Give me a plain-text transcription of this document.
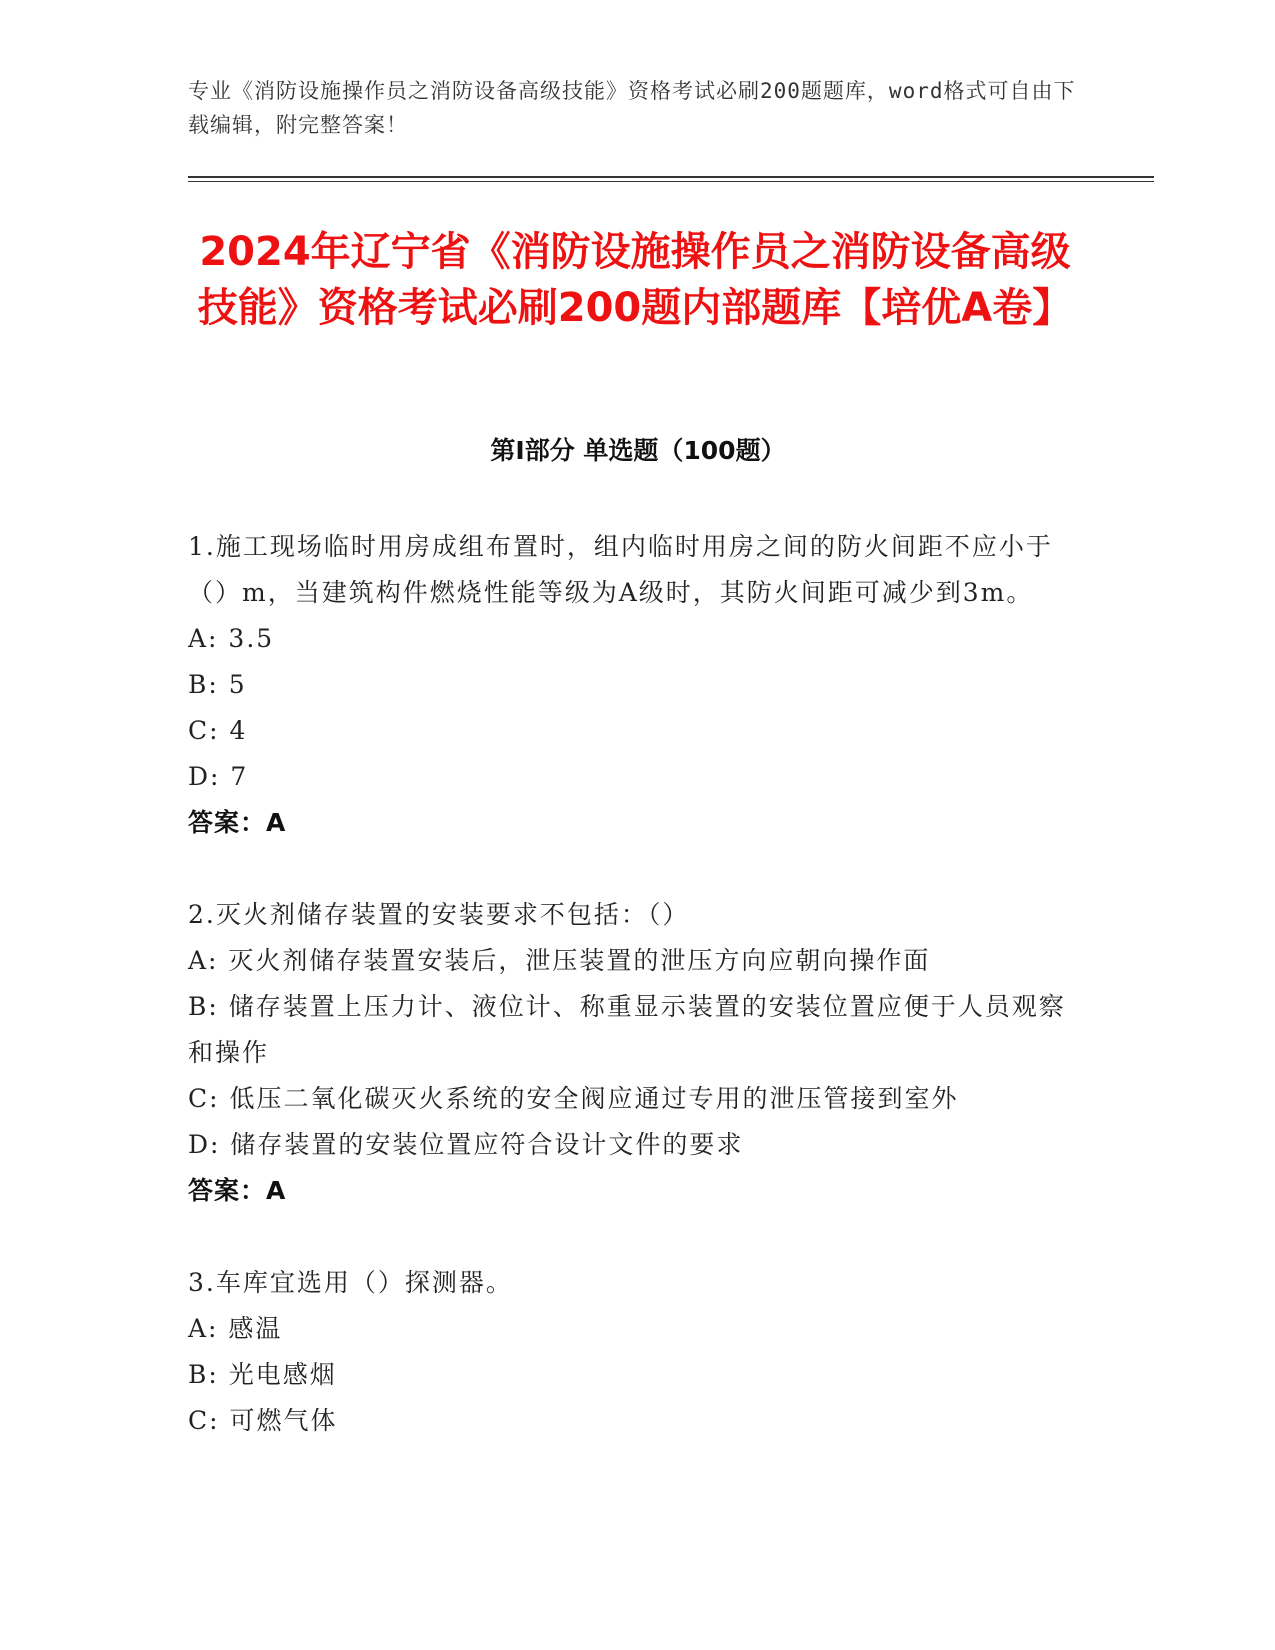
专业《消防设施操作员之消防设备高级技能》资格考试必刷200题题库，word格式可自由下载编辑，附完整答案！
2024年辽宁省《消防设施操作员之消防设备高级技能》资格考试必刷200题内部题库【培优A卷】
第I部分 单选题（100题）

1.施工现场临时用房成组布置时，组内临时用房之间的防火间距不应小于（）m，当建筑构件燃烧性能等级为A级时，其防火间距可减少到3m。

A: 3.5

B: 5

C: 4

D: 7

答案：A

2.灭火剂储存装置的安装要求不包括：（）

A: 灭火剂储存装置安装后，泄压装置的泄压方向应朝向操作面

B: 储存装置上压力计、液位计、称重显示装置的安装位置应便于人员观察和操作

C: 低压二氧化碳灭火系统的安全阀应通过专用的泄压管接到室外

D: 储存装置的安装位置应符合设计文件的要求

答案：A

3.车库宜选用（）探测器。

A: 感温

B: 光电感烟

C: 可燃气体
